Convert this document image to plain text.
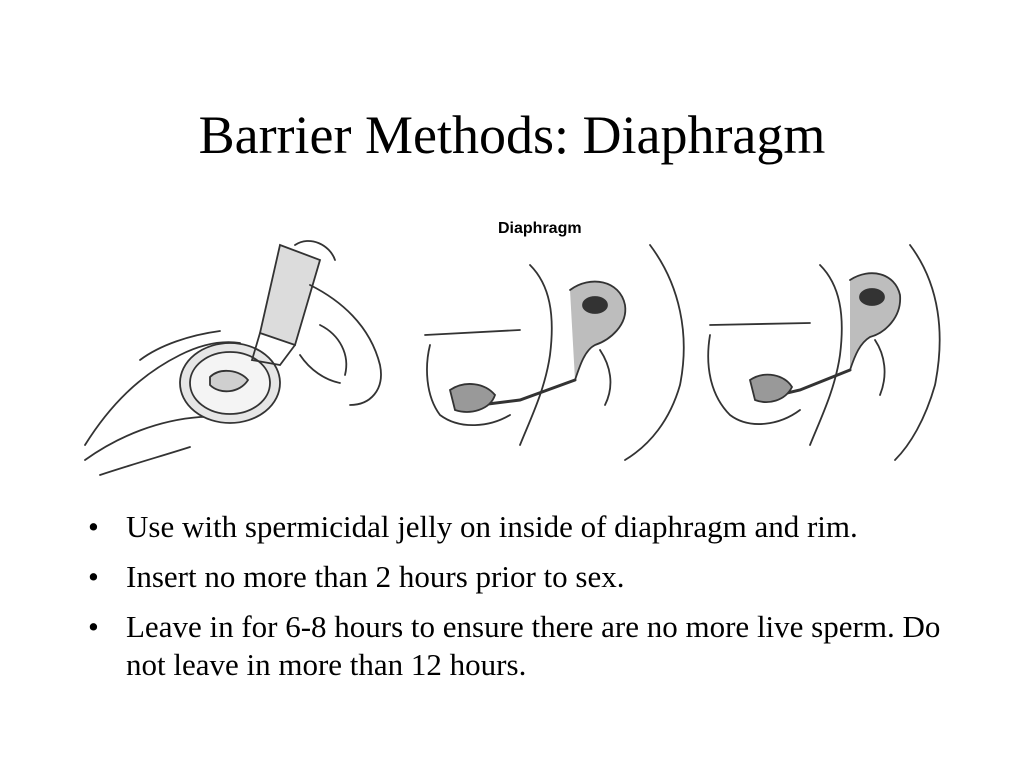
Barrier Methods: Diaphragm
Diaphragm
• Use with spermicidal jelly on inside of diaphragm and rim.
• Insert no more than 2 hours prior to sex.
• Leave in for 6-8 hours to ensure there are no more live sperm. Do not leave in more than 12 hours.
